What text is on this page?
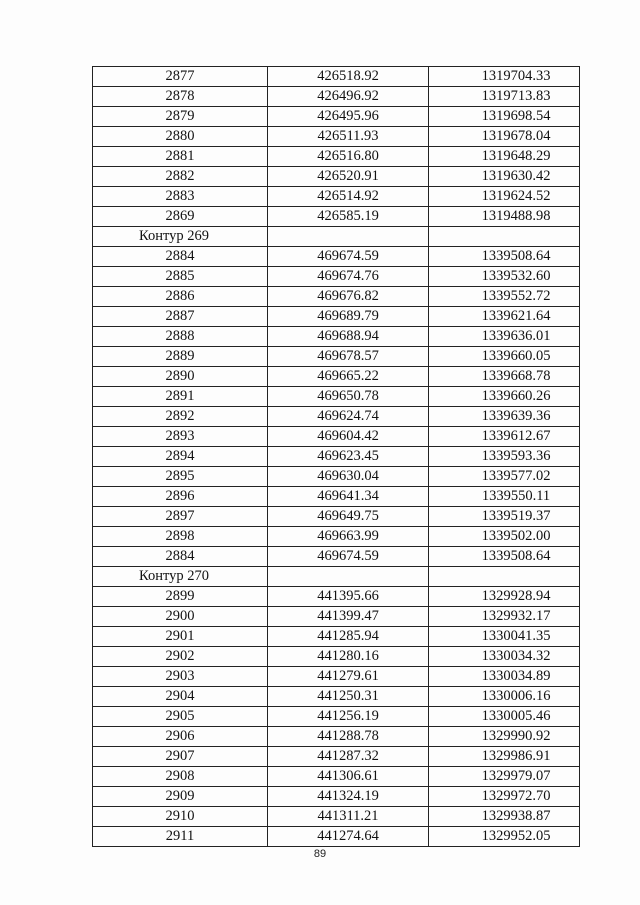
2877	426518.92	1319704.33
2878	426496.92	1319713.83
2879	426495.96	1319698.54
2880	426511.93	1319678.04
2881	426516.80	1319648.29
2882	426520.91	1319630.42
2883	426514.92	1319624.52
2869	426585.19	1319488.98
Контур 269		
2884	469674.59	1339508.64
2885	469674.76	1339532.60
2886	469676.82	1339552.72
2887	469689.79	1339621.64
2888	469688.94	1339636.01
2889	469678.57	1339660.05
2890	469665.22	1339668.78
2891	469650.78	1339660.26
2892	469624.74	1339639.36
2893	469604.42	1339612.67
2894	469623.45	1339593.36
2895	469630.04	1339577.02
2896	469641.34	1339550.11
2897	469649.75	1339519.37
2898	469663.99	1339502.00
2884	469674.59	1339508.64
Контур 270		
2899	441395.66	1329928.94
2900	441399.47	1329932.17
2901	441285.94	1330041.35
2902	441280.16	1330034.32
2903	441279.61	1330034.89
2904	441250.31	1330006.16
2905	441256.19	1330005.46
2906	441288.78	1329990.92
2907	441287.32	1329986.91
2908	441306.61	1329979.07
2909	441324.19	1329972.70
2910	441311.21	1329938.87
2911	441274.64	1329952.05
89
